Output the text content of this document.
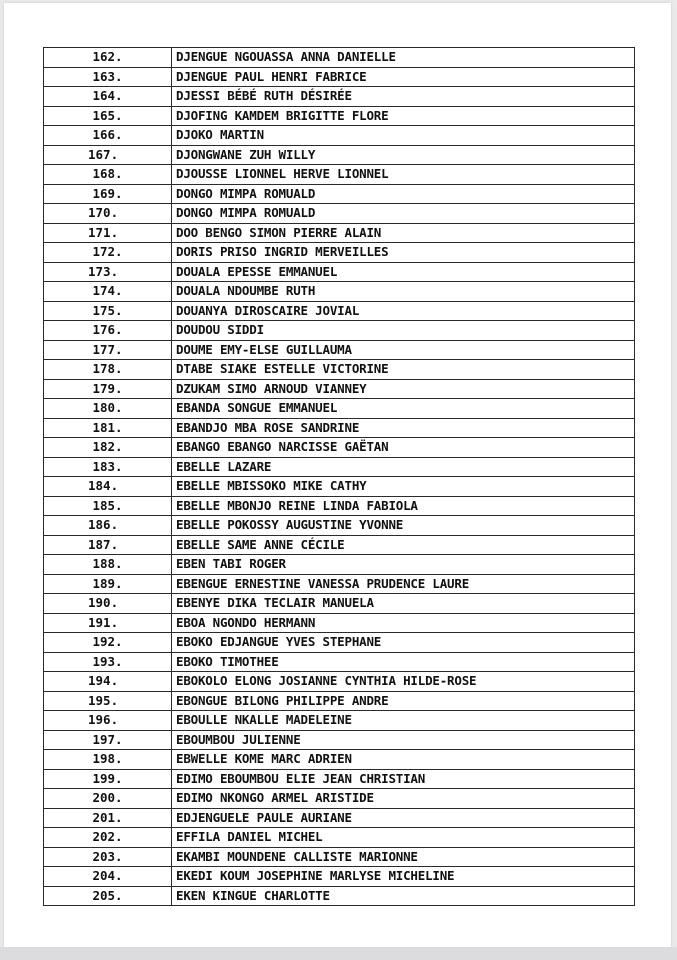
162.	DJENGUE NGOUASSA ANNA DANIELLE
163.	DJENGUE PAUL HENRI FABRICE
164.	DJESSI BÉBÉ RUTH DÉSIRÉE
165.	DJOFING KAMDEM BRIGITTE FLORE
166.	DJOKO MARTIN
167.	DJONGWANE ZUH WILLY
168.	DJOUSSE LIONNEL HERVE LIONNEL
169.	DONGO MIMPA ROMUALD
170.	DONGO MIMPA ROMUALD
171.	DOO BENGO SIMON PIERRE ALAIN
172.	DORIS PRISO INGRID MERVEILLES
173.	DOUALA EPESSE EMMANUEL
174.	DOUALA NDOUMBE RUTH
175.	DOUANYA DIROSCAIRE JOVIAL
176.	DOUDOU SIDDI
177.	DOUME EMY-ELSE GUILLAUMA
178.	DTABE SIAKE ESTELLE VICTORINE
179.	DZUKAM SIMO ARNOUD VIANNEY
180.	EBANDA SONGUE EMMANUEL
181.	EBANDJO MBA ROSE SANDRINE
182.	EBANGO EBANGO NARCISSE GAËTAN
183.	EBELLE LAZARE
184.	EBELLE MBISSOKO MIKE CATHY
185.	EBELLE MBONJO REINE LINDA FABIOLA
186.	EBELLE POKOSSY AUGUSTINE YVONNE
187.	EBELLE SAME ANNE CÉCILE
188.	EBEN TABI ROGER
189.	EBENGUE ERNESTINE VANESSA PRUDENCE LAURE
190.	EBENYE DIKA TECLAIR MANUELA
191.	EBOA NGONDO HERMANN
192.	EBOKO EDJANGUE YVES STEPHANE
193.	EBOKO TIMOTHEE
194.	EBOKOLO ELONG JOSIANNE CYNTHIA HILDE-ROSE
195.	EBONGUE BILONG PHILIPPE ANDRE
196.	EBOULLE NKALLE MADELEINE
197.	EBOUMBOU JULIENNE
198.	EBWELLE KOME MARC ADRIEN
199.	EDIMO EBOUMBOU ELIE JEAN CHRISTIAN
200.	EDIMO NKONGO ARMEL ARISTIDE
201.	EDJENGUELE PAULE AURIANE
202.	EFFILA DANIEL MICHEL
203.	EKAMBI MOUNDENE CALLISTE MARIONNE
204.	EKEDI KOUM JOSEPHINE MARLYSE MICHELINE
205.	EKEN KINGUE CHARLOTTE
